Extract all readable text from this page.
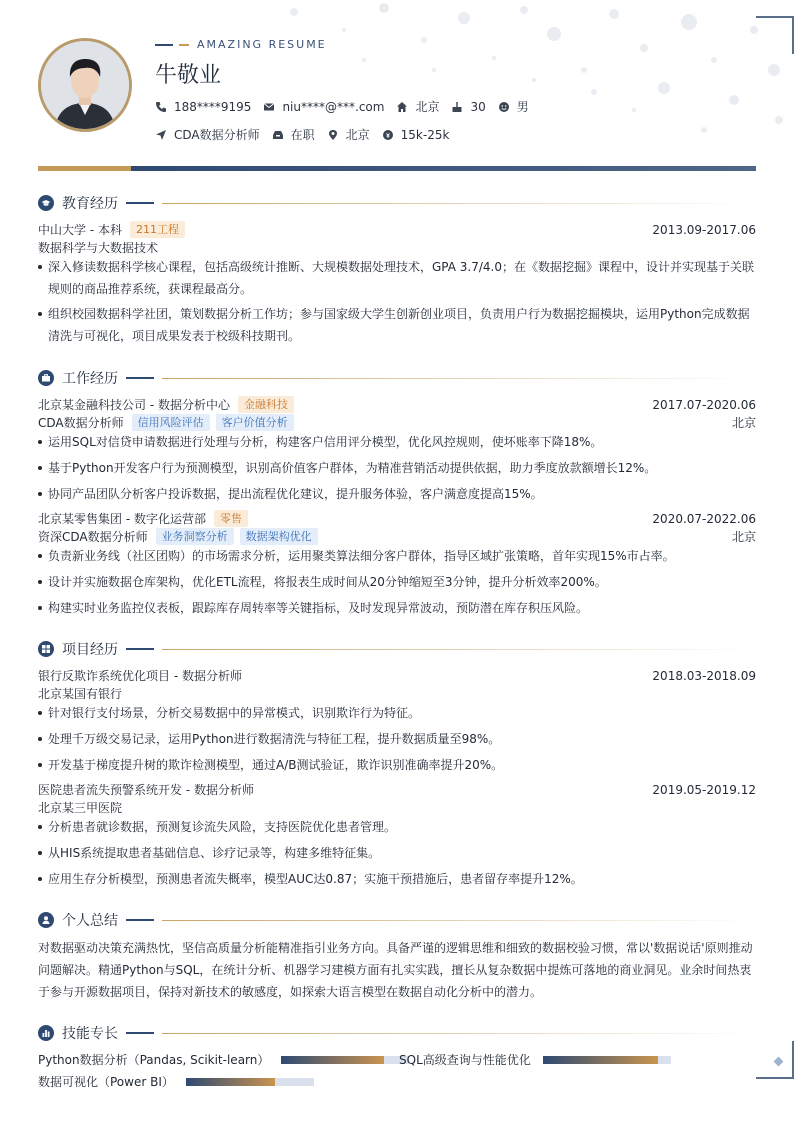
AMAZING RESUME
牛敬业
188****9195	niu****@***.com	北京	30	男
CDA数据分析师	在职	北京	15k-25k
教育经历
中山大学 - 本科	211工程	2013.09-2017.06
数据科学与大数据技术
深入修读数据科学核心课程，包括高级统计推断、大规模数据处理技术，GPA 3.7/4.0；在《数据挖掘》课程中，设计并实现基于关联规则的商品推荐系统，获课程最高分。
组织校园数据科学社团，策划数据分析工作坊；参与国家级大学生创新创业项目，负责用户行为数据挖掘模块，运用Python完成数据清洗与可视化，项目成果发表于校级科技期刊。
工作经历
北京某金融科技公司 - 数据分析中心	金融科技	2017.07-2020.06
CDA数据分析师	信用风险评估	客户价值分析	北京
运用SQL对信贷申请数据进行处理与分析，构建客户信用评分模型，优化风控规则，使坏账率下降18%。
基于Python开发客户行为预测模型，识别高价值客户群体，为精准营销活动提供依据，助力季度放款额增长12%。
协同产品团队分析客户投诉数据，提出流程优化建议，提升服务体验，客户满意度提高15%。
北京某零售集团 - 数字化运营部	零售	2020.07-2022.06
资深CDA数据分析师	业务洞察分析	数据架构优化	北京
负责新业务线（社区团购）的市场需求分析，运用聚类算法细分客户群体，指导区域扩张策略，首年实现15%市占率。
设计并实施数据仓库架构，优化ETL流程，将报表生成时间从20分钟缩短至3分钟，提升分析效率200%。
构建实时业务监控仪表板，跟踪库存周转率等关键指标，及时发现异常波动，预防潜在库存积压风险。
项目经历
银行反欺诈系统优化项目 - 数据分析师	2018.03-2018.09
北京某国有银行
针对银行支付场景，分析交易数据中的异常模式，识别欺诈行为特征。
处理千万级交易记录，运用Python进行数据清洗与特征工程，提升数据质量至98%。
开发基于梯度提升树的欺诈检测模型，通过A/B测试验证，欺诈识别准确率提升20%。
医院患者流失预警系统开发 - 数据分析师	2019.05-2019.12
北京某三甲医院
分析患者就诊数据，预测复诊流失风险，支持医院优化患者管理。
从HIS系统提取患者基础信息、诊疗记录等，构建多维特征集。
应用生存分析模型，预测患者流失概率，模型AUC达0.87；实施干预措施后，患者留存率提升12%。
个人总结
对数据驱动决策充满热忱，坚信高质量分析能精准指引业务方向。具备严谨的逻辑思维和细致的数据校验习惯，常以'数据说话'原则推动问题解决。精通Python与SQL，在统计分析、机器学习建模方面有扎实实践，擅长从复杂数据中提炼可落地的商业洞见。业余时间热衷于参与开源数据项目，保持对新技术的敏感度，如探索大语言模型在数据自动化分析中的潜力。
技能专长
Python数据分析（Pandas, Scikit-learn）	SQL高级查询与性能优化
数据可视化（Power BI）
